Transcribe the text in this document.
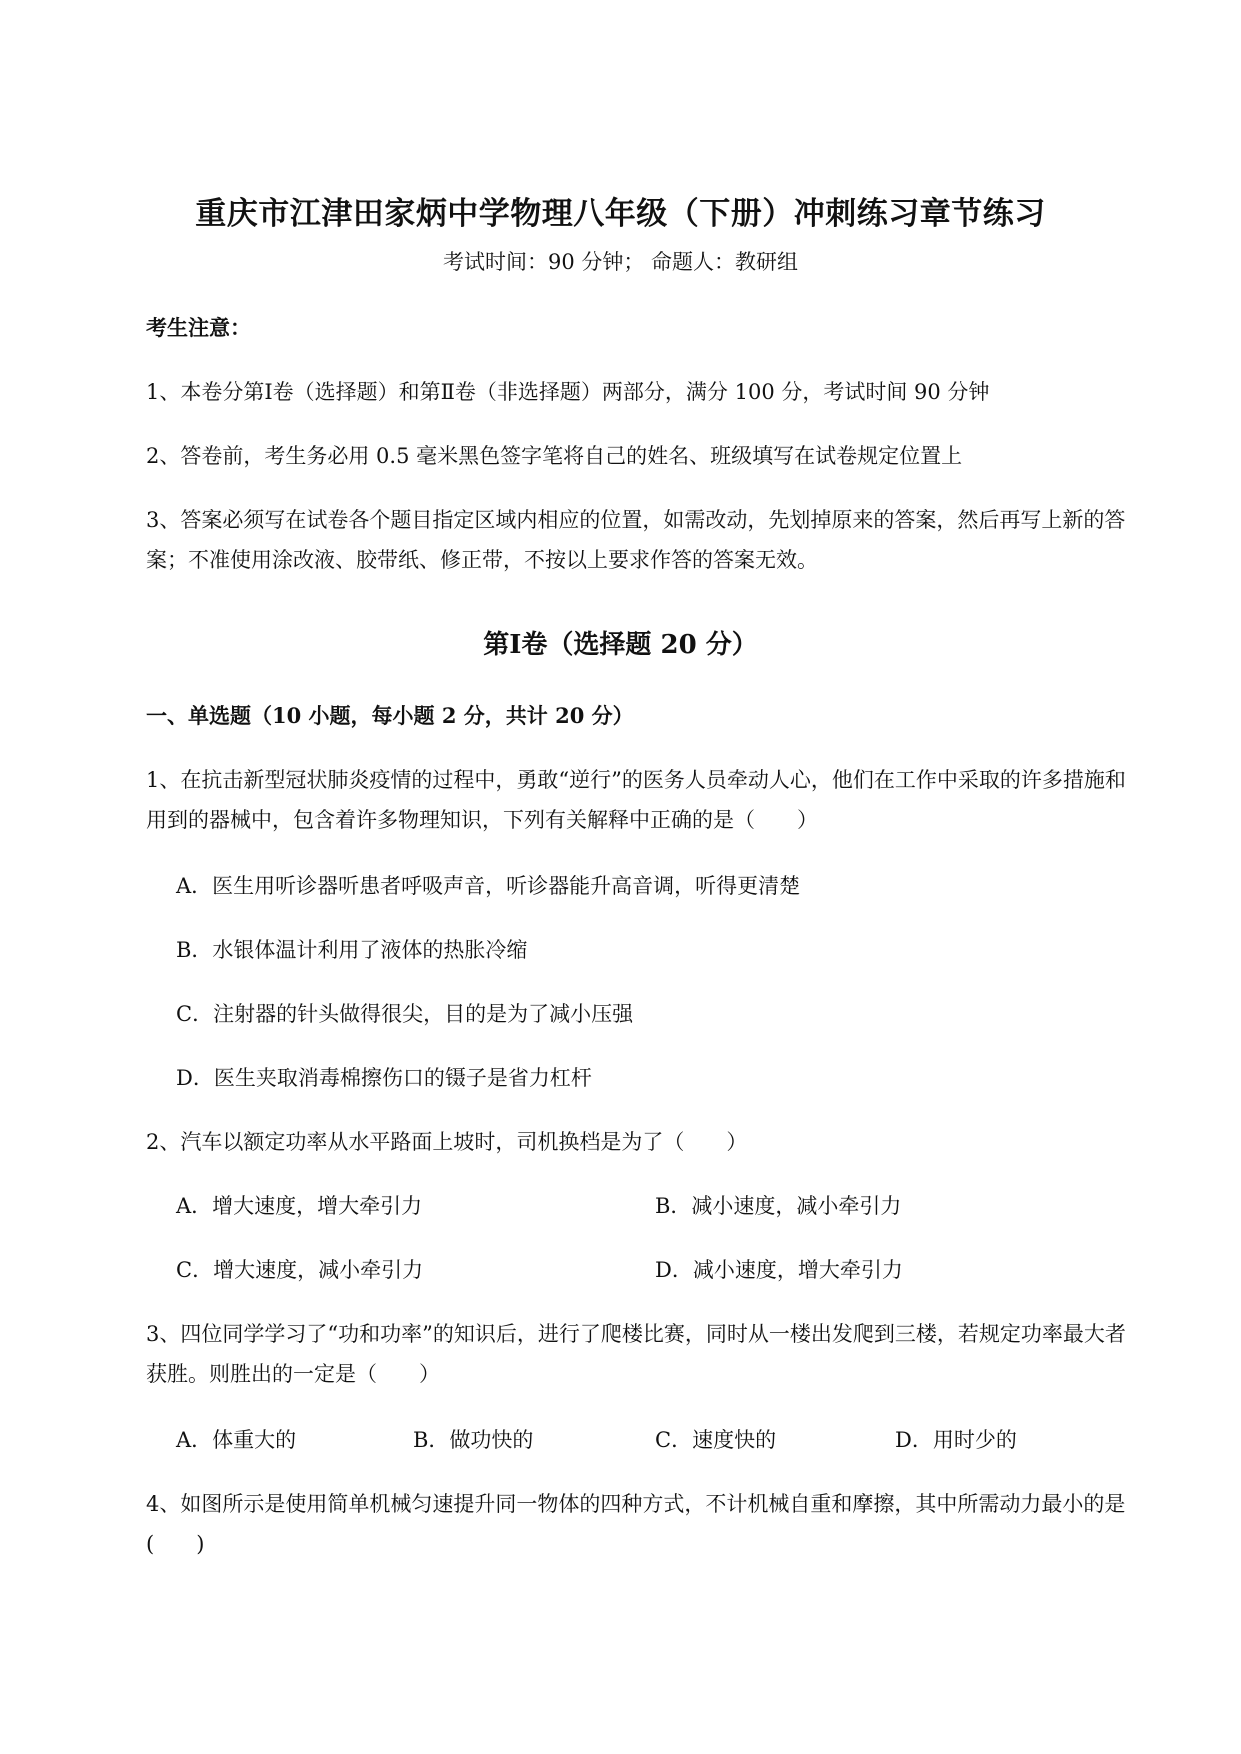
重庆市江津田家炳中学物理八年级（下册）冲刺练习章节练习
考试时间：90 分钟； 命题人：教研组
考生注意：
1、本卷分第Ⅰ卷（选择题）和第Ⅱ卷（非选择题）两部分，满分 100 分，考试时间 90 分钟
2、答卷前，考生务必用 0.5 毫米黑色签字笔将自己的姓名、班级填写在试卷规定位置上
3、答案必须写在试卷各个题目指定区域内相应的位置，如需改动，先划掉原来的答案，然后再写上新的答案；不准使用涂改液、胶带纸、修正带，不按以上要求作答的答案无效。
第Ⅰ卷（选择题 20 分）
一、单选题（10 小题，每小题 2 分，共计 20 分）
1、在抗击新型冠状肺炎疫情的过程中，勇敢“逆行”的医务人员牵动人心，他们在工作中采取的许多措施和用到的器械中，包含着许多物理知识，下列有关解释中正确的是（　　）
A．医生用听诊器听患者呼吸声音，听诊器能升高音调，听得更清楚
B．水银体温计利用了液体的热胀冷缩
C．注射器的针头做得很尖，目的是为了减小压强
D．医生夹取消毒棉擦伤口的镊子是省力杠杆
2、汽车以额定功率从水平路面上坡时，司机换档是为了（　　）
A．增大速度，增大牵引力	B．减小速度，减小牵引力
C．增大速度，减小牵引力	D．减小速度，增大牵引力
3、四位同学学习了“功和功率”的知识后，进行了爬楼比赛，同时从一楼出发爬到三楼，若规定功率最大者获胜。则胜出的一定是（　　）
A．体重大的	B．做功快的	C．速度快的	D．用时少的
4、如图所示是使用简单机械匀速提升同一物体的四种方式，不计机械自重和摩擦，其中所需动力最小的是(　　)
